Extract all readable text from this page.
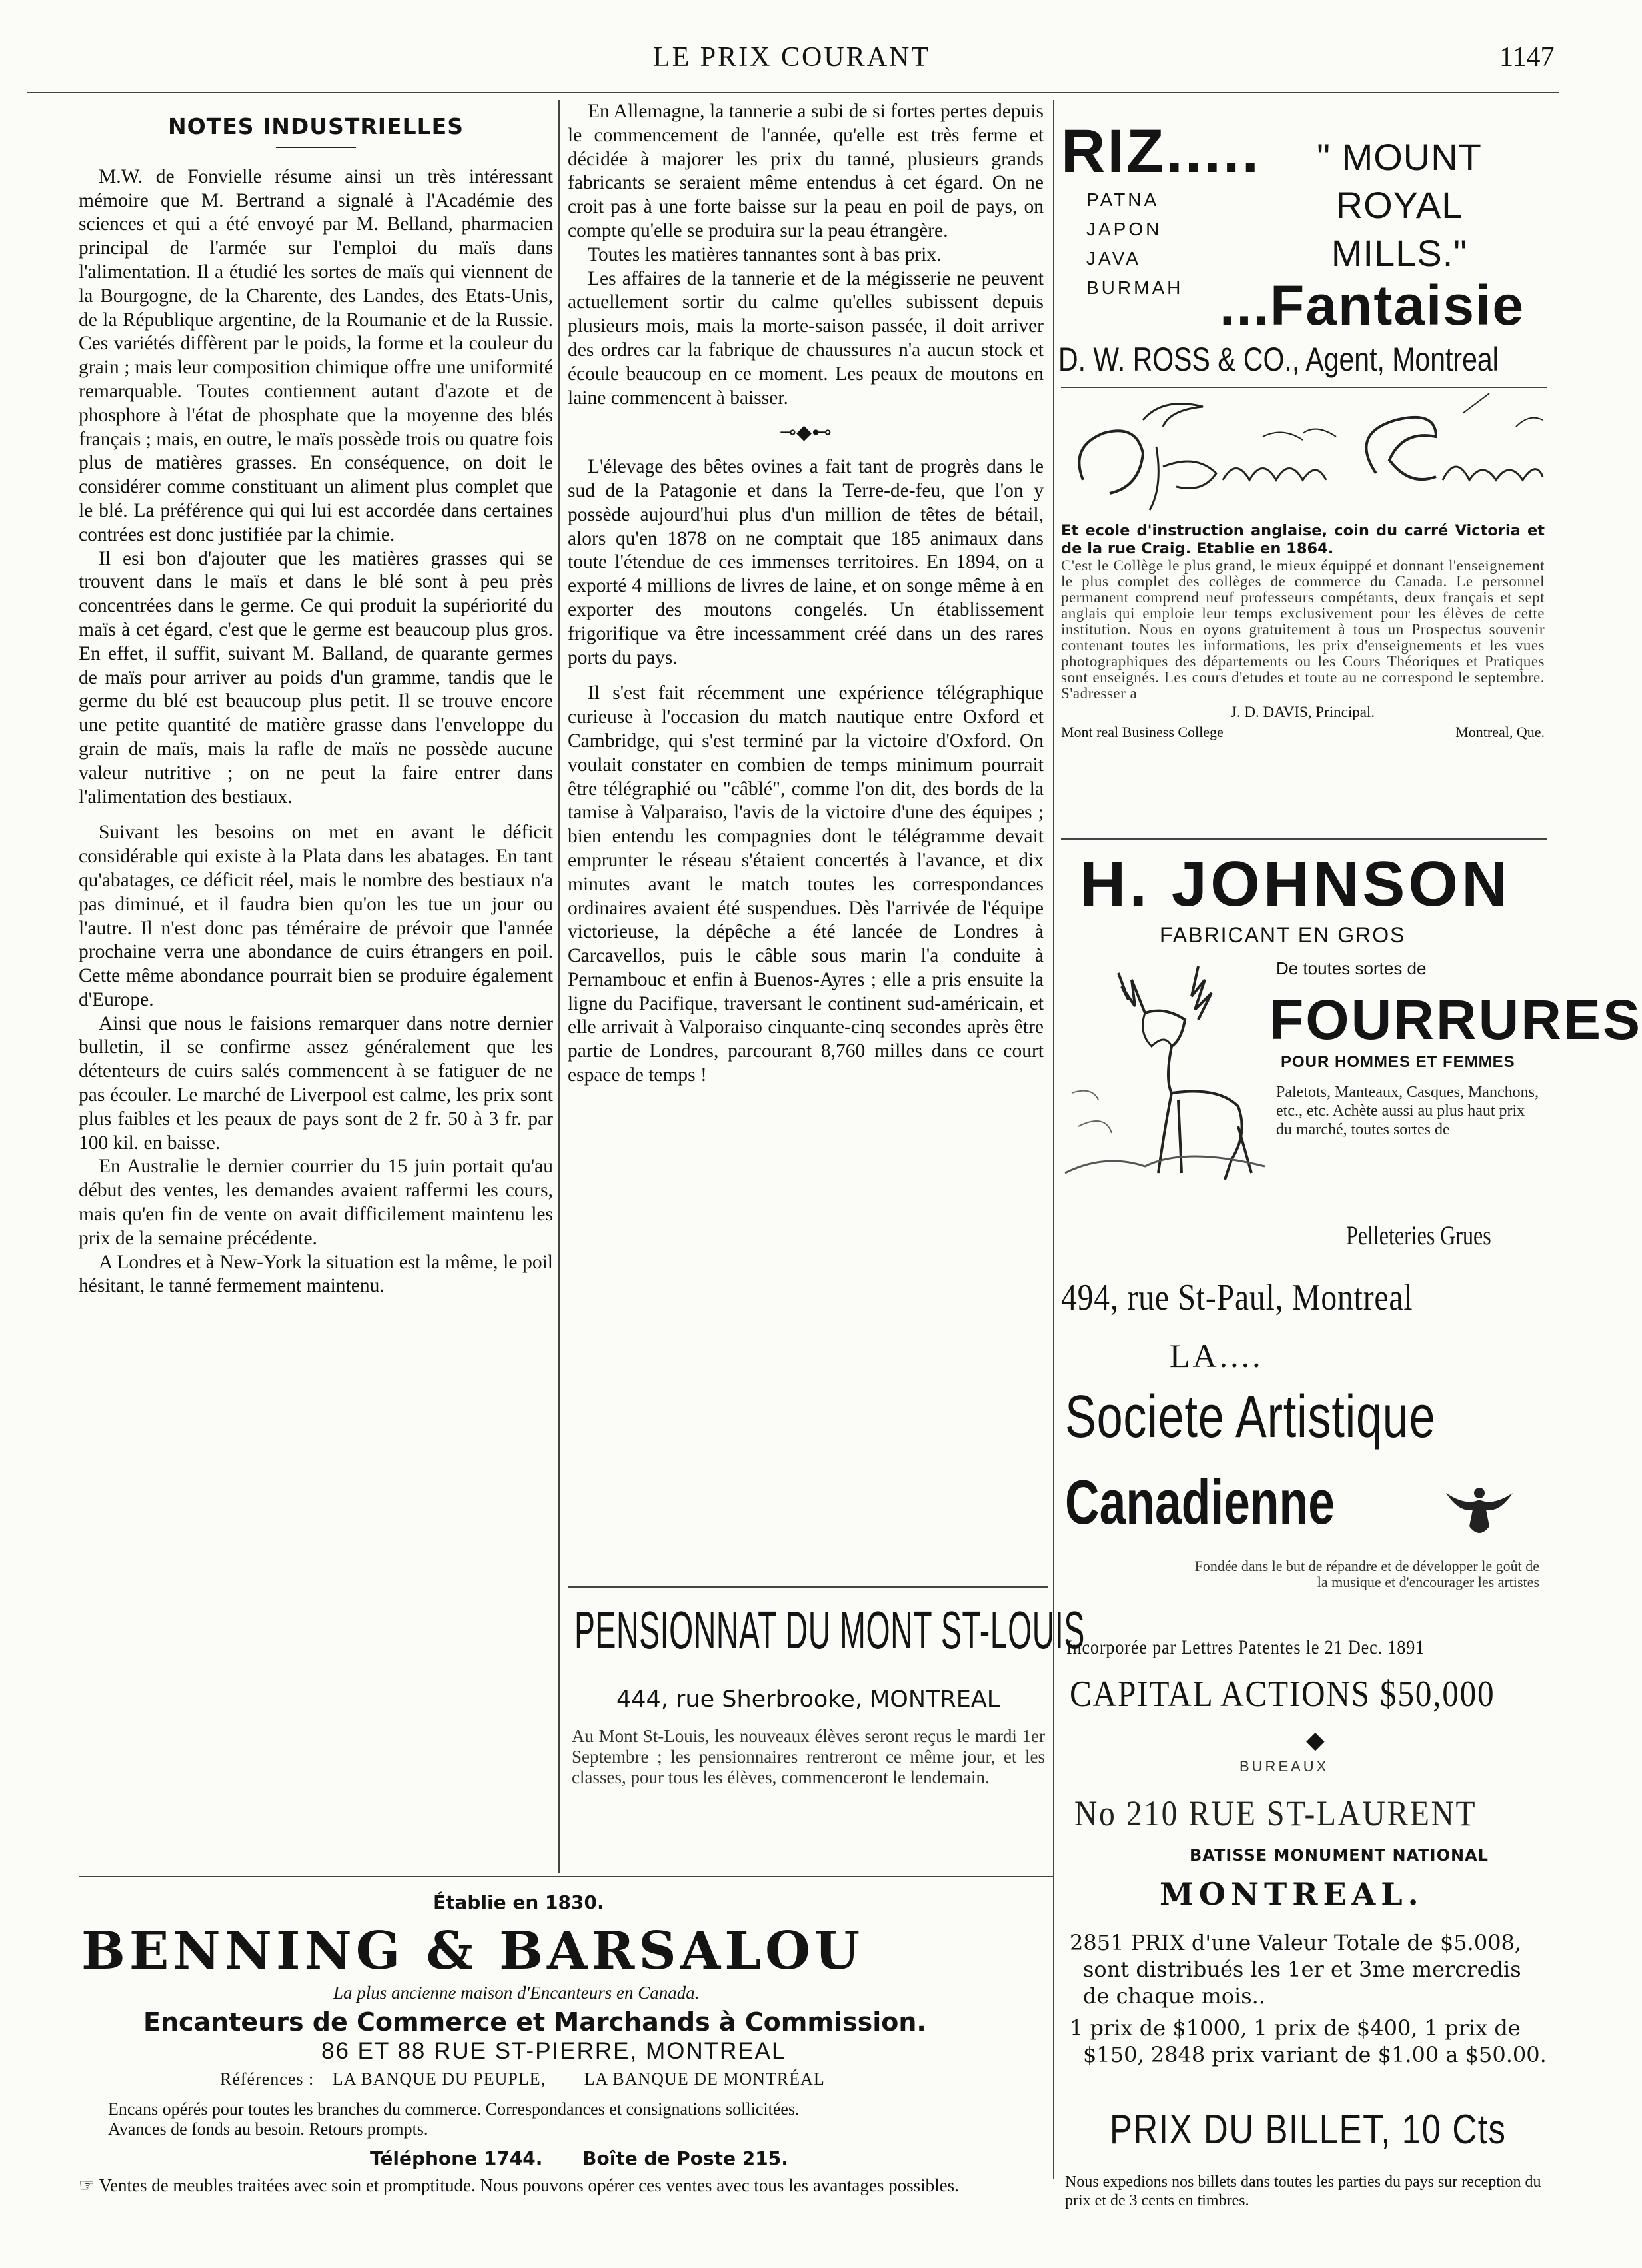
LE PRIX COURANT	1147
NOTES INDUSTRIELLES

M.W. de Fonvielle résume ainsi un très intéressant mémoire que M. Bertrand a signalé à l'Académie des sciences et qui a été envoyé par M. Belland, pharmacien principal de l'armée sur l'emploi du maïs dans l'alimentation. Il a étudié les sortes de maïs qui viennent de la Bourgogne, de la Charente, des Landes, des Etats-Unis, de la République argentine, de la Roumanie et de la Russie. Ces variétés diffèrent par le poids, la forme et la couleur du grain ; mais leur composition chimique offre une uniformité remarquable. Toutes contiennent autant d'azote et de phosphore à l'état de phosphate que la moyenne des blés français ; mais, en outre, le maïs possède trois ou quatre fois plus de matières grasses. En conséquence, on doit le considérer comme constituant un aliment plus complet que le blé. La préférence qui qui lui est accordée dans certaines contrées est donc justifiée par la chimie.

Il esi bon d'ajouter que les matières grasses qui se trouvent dans le maïs et dans le blé sont à peu près concentrées dans le germe. Ce qui produit la supériorité du maïs à cet égard, c'est que le germe est beaucoup plus gros. En effet, il suffit, suivant M. Balland, de quarante germes de maïs pour arriver au poids d'un gramme, tandis que le germe du blé est beaucoup plus petit. Il se trouve encore une petite quantité de matière grasse dans l'enveloppe du grain de maïs, mais la rafle de maïs ne possède aucune valeur nutritive ; on ne peut la faire entrer dans l'alimentation des bestiaux.

Suivant les besoins on met en avant le déficit considérable qui existe à la Plata dans les abatages. En tant qu'abatages, ce déficit réel, mais le nombre des bestiaux n'a pas diminué, et il faudra bien qu'on les tue un jour ou l'autre. Il n'est donc pas téméraire de prévoir que l'année prochaine verra une abondance de cuirs étrangers en poil. Cette même abondance pourrait bien se produire également d'Europe.

Ainsi que nous le faisions remarquer dans notre dernier bulletin, il se confirme assez généralement que les détenteurs de cuirs salés commencent à se fatiguer de ne pas écouler. Le marché de Liverpool est calme, les prix sont plus faibles et les peaux de pays sont de 2 fr. 50 à 3 fr. par 100 kil. en baisse.

En Australie le dernier courrier du 15 juin portait qu'au début des ventes, les demandes avaient raffermi les cours, mais qu'en fin de vente on avait difficilement maintenu les prix de la semaine précédente.

A Londres et à New-York la situation est la même, le poil hésitant, le tanné fermement maintenu.

En Allemagne, la tannerie a subi de si fortes pertes depuis le commencement de l'année, qu'elle est très ferme et décidée à majorer les prix du tanné, plusieurs grands fabricants se seraient même entendus à cet égard. On ne croit pas à une forte baisse sur la peau en poil de pays, on compte qu'elle se produira sur la peau étrangère.

Toutes les matières tannantes sont à bas prix.

Les affaires de la tannerie et de la mégisserie ne peuvent actuellement sortir du calme qu'elles subissent depuis plusieurs mois, mais la morte-saison passée, il doit arriver des ordres car la fabrique de chaussures n'a aucun stock et écoule beaucoup en ce moment. Les peaux de moutons en laine commencent à baisser.

⊸◆⊷

L'élevage des bêtes ovines a fait tant de progrès dans le sud de la Patagonie et dans la Terre-de-feu, que l'on y possède aujourd'hui plus d'un million de têtes de bétail, alors qu'en 1878 on ne comptait que 185 animaux dans toute l'étendue de ces immenses territoires. En 1894, on a exporté 4 millions de livres de laine, et on songe même à en exporter des moutons congelés. Un établissement frigorifique va être incessamment créé dans un des rares ports du pays.

Il s'est fait récemment une expérience télégraphique curieuse à l'occasion du match nautique entre Oxford et Cambridge, qui s'est terminé par la victoire d'Oxford. On voulait constater en combien de temps minimum pourrait être télégraphié ou "câblé", comme l'on dit, des bords de la tamise à Valparaiso, l'avis de la victoire d'une des équipes ; bien entendu les compagnies dont le télégramme devait emprunter le réseau s'étaient concertés à l'avance, et dix minutes avant le match toutes les correspondances ordinaires avaient été suspendues. Dès l'arrivée de l'équipe victorieuse, la dépêche a été lancée de Londres à Carcavellos, puis le câble sous marin l'a conduite à Pernambouc et enfin à Buenos-Ayres ; elle a pris ensuite la ligne du Pacifique, traversant le continent sud-américain, et elle arrivait à Valporaiso cinquante-cinq secondes après être partie de Londres, parcourant 8,760 milles dans ce court espace de temps !

PENSIONNAT DU MONT ST-LOUIS
444, rue Sherbrooke, MONTREAL
Au Mont St-Louis, les nouveaux élèves seront reçus le mardi 1er Septembre ; les pensionnaires rentreront ce même jour, et les classes, pour tous les élèves, commenceront le lendemain.
RIZ.....
PATNA
JAPON
JAVA
BURMAH
" MOUNT
ROYAL
MILLS."
...Fantaisie
D. W. ROSS & CO., Agent, Montreal
Et ecole d'instruction anglaise, coin du carré Victoria et de la rue Craig. Etablie en 1864.
C'est le Collège le plus grand, le mieux équippé et donnant l'enseignement le plus complet des collèges de commerce du Canada. Le personnel permanent comprend neuf professeurs compétants, deux français et sept anglais qui emploie leur temps exclusivement pour les élèves de cette institution. Nous en oyons gratuitement à tous un Prospectus souvenir contenant toutes les informations, les prix d'enseignements et les vues photographiques des départements ou les Cours Théoriques et Pratiques sont enseignés. Les cours d'etudes et toute au ne correspond le septembre. S'adresser a
J. D. DAVIS, Principal.
Mont real Business College	Montreal, Que.
H. JOHNSON
FABRICANT EN GROS
De toutes sortes de
FOURRURES
POUR HOMMES ET FEMMES
Paletots, Manteaux, Casques, Manchons, etc., etc. Achète aussi au plus haut prix du marché, toutes sortes de
Pelleteries Grues
494, rue St-Paul, Montreal
LA....
Societe Artistique
Canadienne
Fondée dans le but de répandre et de développer le goût de la musique et d'encourager les artistes
Incorporée par Lettres Patentes le 21 Dec. 1891
CAPITAL ACTIONS $50,000
◆
BUREAUX
No 210 RUE ST-LAURENT
BATISSE MONUMENT NATIONAL
MONTREAL.
2851 PRIX d'une Valeur Totale de $5.008, sont distribués les 1er et 3me mercredis de chaque mois..
1 prix de $1000, 1 prix de $400, 1 prix de $150, 2848 prix variant de $1.00 a $50.00.
PRIX DU BILLET, 10 Cts
Nous expedions nos billets dans toutes les parties du pays sur reception du prix et de 3 cents en timbres.
Établie en 1830.
BENNING & BARSALOU
La plus ancienne maison d'Encanteurs en Canada.
Encanteurs de Commerce et Marchands à Commission.
86 ET 88 RUE ST-PIERRE, MONTREAL
Références : LA BANQUE DU PEUPLE, LA BANQUE DE MONTRÉAL
Encans opérés pour toutes les branches du commerce. Correspondances et consignations sollicitées.
Avances de fonds au besoin. Retours prompts.
Téléphone 1744. Boîte de Poste 215.
☞ Ventes de meubles traitées avec soin et promptitude. Nous pouvons opérer ces ventes avec tous les avantages possibles.
